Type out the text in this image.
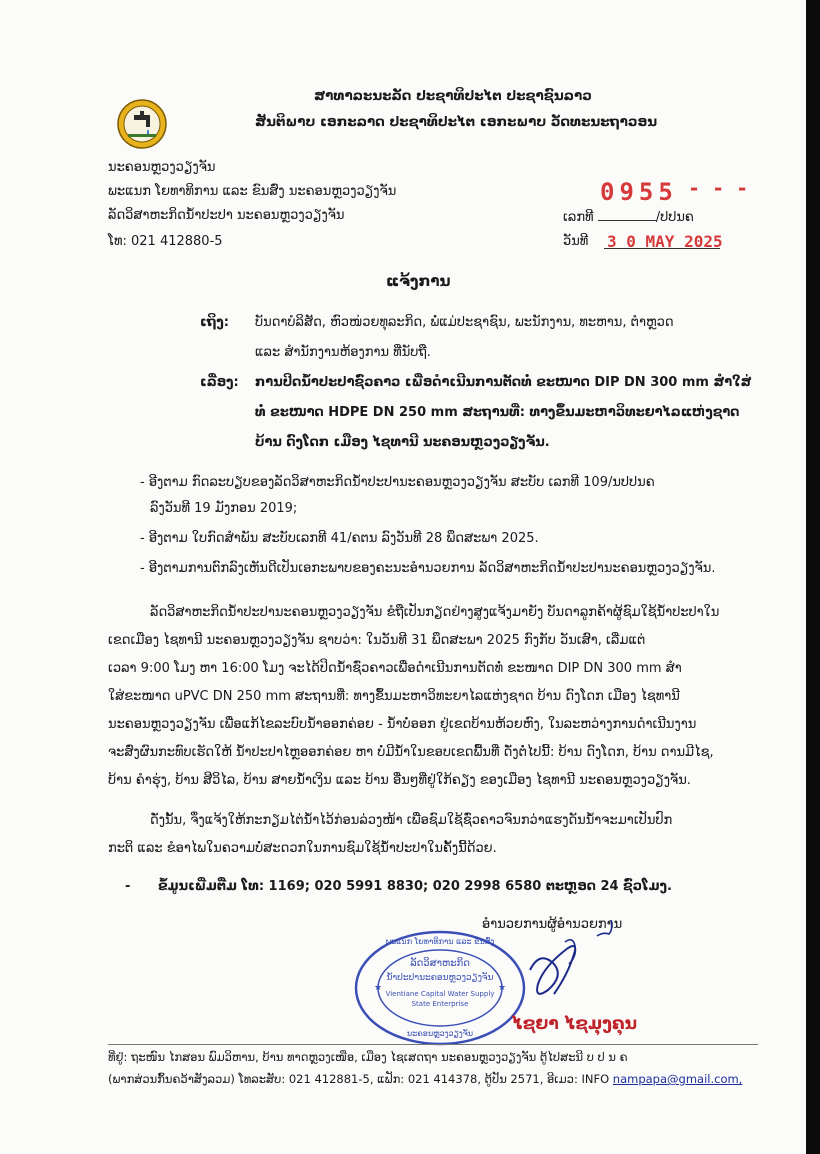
ສາທາລະນະລັດ ປະຊາທິປະໄຕ ປະຊາຊົນລາວ
ສັນຕິພາບ ເອກະລາດ ປະຊາທິປະໄຕ ເອກະພາບ ວັດທະນະຖາວອນ
ນະຄອນຫຼວງວຽງຈັນ
ພະແນກ ໂຍທາທິການ ແລະ ຂົນສົ່ງ ນະຄອນຫຼວງວຽງຈັນ
ລັດວິສາຫະກິດນ້ຳປະປາ ນະຄອນຫຼວງວຽງຈັນ
ໂທ: 021 412880-5
0955 - - -
ເລກທີ	/ປປນຄ
ວັນທີ 3 0 MAY 2025
ແຈ້ງການ
ເຖິງ: ບັນດາບໍລິສັດ, ຫົວໜ່ວຍທຸລະກິດ, ພໍ່ແມ່ປະຊາຊົນ, ພະນັກງານ, ທະຫານ, ຕຳຫຼວດ
ແລະ ສຳນັກງານຫ້ອງການ ທີ່ນັບຖື.
ເລື່ອງ: ການປິດນ້ຳປະປາຊົ່ວຄາວ ເພື່ອດຳເນີນການຕັດທໍ່ ຂະໜາດ DIP DN 300 mm ສຳໃສ່
ທໍ່ ຂະໜາດ HDPE DN 250 mm ສະຖານທີ່: ທາງຂຶ້ນມະຫາວິທະຍາໄລແຫ່ງຊາດ
ບ້ານ ດົງໂດກ ເມືອງ ໄຊທານີ ນະຄອນຫຼວງວຽງຈັນ.
- ອີງຕາມ ກົດລະບຽບຂອງລັດວິສາຫະກິດນ້ຳປະປານະຄອນຫຼວງວຽງຈັນ ສະບັບ ເລກທີ 109/ນປປນຄ
ລົງວັນທີ 19 ມັງກອນ 2019;
- ອີງຕາມ ໃບກົດສຳພັນ ສະບັບເລກທີ 41/ຄຕນ ລົງວັນທີ 28 ພຶດສະພາ 2025.
- ອີງຕາມການຕົກລົງເຫັນດີເປັນເອກະພາບຂອງຄະນະອຳນວຍການ ລັດວິສາຫະກິດນ້ຳປະປານະຄອນຫຼວງວຽງຈັນ.
ລັດວິສາຫະກິດນ້ຳປະປານະຄອນຫຼວງວຽງຈັນ ຂໍຖືເປັນກຽດຢ່າງສູງແຈ້ງມາຍັງ ບັນດາລູກຄ້າຜູ້ຊົມໃຊ້ນ້ຳປະປາໃນ
ເຂດເມືອງ ໄຊທານີ ນະຄອນຫຼວງວຽງຈັນ ຊາບວ່າ: ໃນວັນທີ 31 ພຶດສະພາ 2025 ກົງກັບ ວັນເສົາ, ເລີ່ມແຕ່
ເວລາ 9:00 ໂມງ ຫາ 16:00 ໂມງ ຈະໄດ້ປິດນ້ຳຊົ່ວຄາວເພື່ອດຳເນີນການຕັດທໍ່ ຂະໜາດ DIP DN 300 mm ສຳ
ໃສ່ຂະໜາດ uPVC DN 250 mm ສະຖານທີ່: ທາງຂຶ້ນມະຫາວິທະຍາໄລແຫ່ງຊາດ ບ້ານ ດົງໂດກ ເມືອງ ໄຊທານີ
ນະຄອນຫຼວງວຽງຈັນ ເພື່ອແກ້ໄຂລະບົບນ້ຳອອກຄ່ອຍ - ນ້ຳບໍ່ອອກ ຢູ່ເຂດບ້ານຫ້ວຍຫົງ, ໃນລະຫວ່າງການດຳເນີນງານ
ຈະສົ່ງຜົນກະທົບເຮັດໃຫ້ ນ້ຳປະປາໄຫຼອອກຄ່ອຍ ຫາ ບໍ່ມີນ້ຳໃນຂອບເຂດພື້ນທີ່ ດັ່ງຕໍ່ໄປນີ້: ບ້ານ ດົງໂດກ, ບ້ານ ດານມີໄຊ,
ບ້ານ ຄຳຮຸ່ງ, ບ້ານ ສີວິໄລ, ບ້ານ ສາຍນ້ຳເງິນ ແລະ ບ້ານ ອື່ນໆທີ່ຢູ່ໃກ້ຄຽງ ຂອງເມືອງ ໄຊທານີ ນະຄອນຫຼວງວຽງຈັນ.
ດັ່ງນັ້ນ, ຈຶ່ງແຈ້ງໃຫ້ກະກຽມໄຕ່ນ້ຳໄວ້ກ່ອນລ່ວງໜ້າ ເພື່ອຊົມໃຊ້ຊົ່ວຄາວຈົນກວ່າແຮງດັນນ້ຳຈະມາເປັນປົກ
ກະຕິ ແລະ ຂໍອາໄພໃນຄວາມບໍ່ສະດວກໃນການຊົມໃຊ້ນ້ຳປະປາໃນຄັ້ງນີ້ດ້ວຍ.
- ຂໍ້ມູນເພີ່ມຕື່ມ ໂທ: 1169; 020 5991 8830; 020 2998 6580 ຕະຫຼອດ 24 ຊົ່ວໂມງ.
ອຳນວຍການຜູ້ອຳນວຍການ
ພະແນກ ໂຍທາທິການ ແລະ ຂົນສົ່ງ
ລັດວິສາຫະກິດ
ນ້ຳປະປານະຄອນຫຼວງວຽງຈັນ
Vientiane Capital Water Supply
State Enterprise
ນະຄອນຫຼວງວຽງຈັນ
★	★
ໄຊຍາ ໄຊມຸງຄຸນ
ທີ່ຢູ່: ຖະໜົນ ໄກສອນ ພົມວິຫານ, ບ້ານ ທາດຫຼວງເໜືອ, ເມືອງ ໄຊເສດຖາ ນະຄອນຫຼວງວຽງຈັນ ຕູ້ໄປສະນີ ບ ປ ນ ຄ
(ພາກສ່ວນກົ້ນຄວ້າສັງລວມ) ໂທລະສັບ: 021 412881-5, ແຟັກ: 021 414378, ຕູ້ປັນ 2571, ອີເມວ: INFO nampapa@gmail.com,
